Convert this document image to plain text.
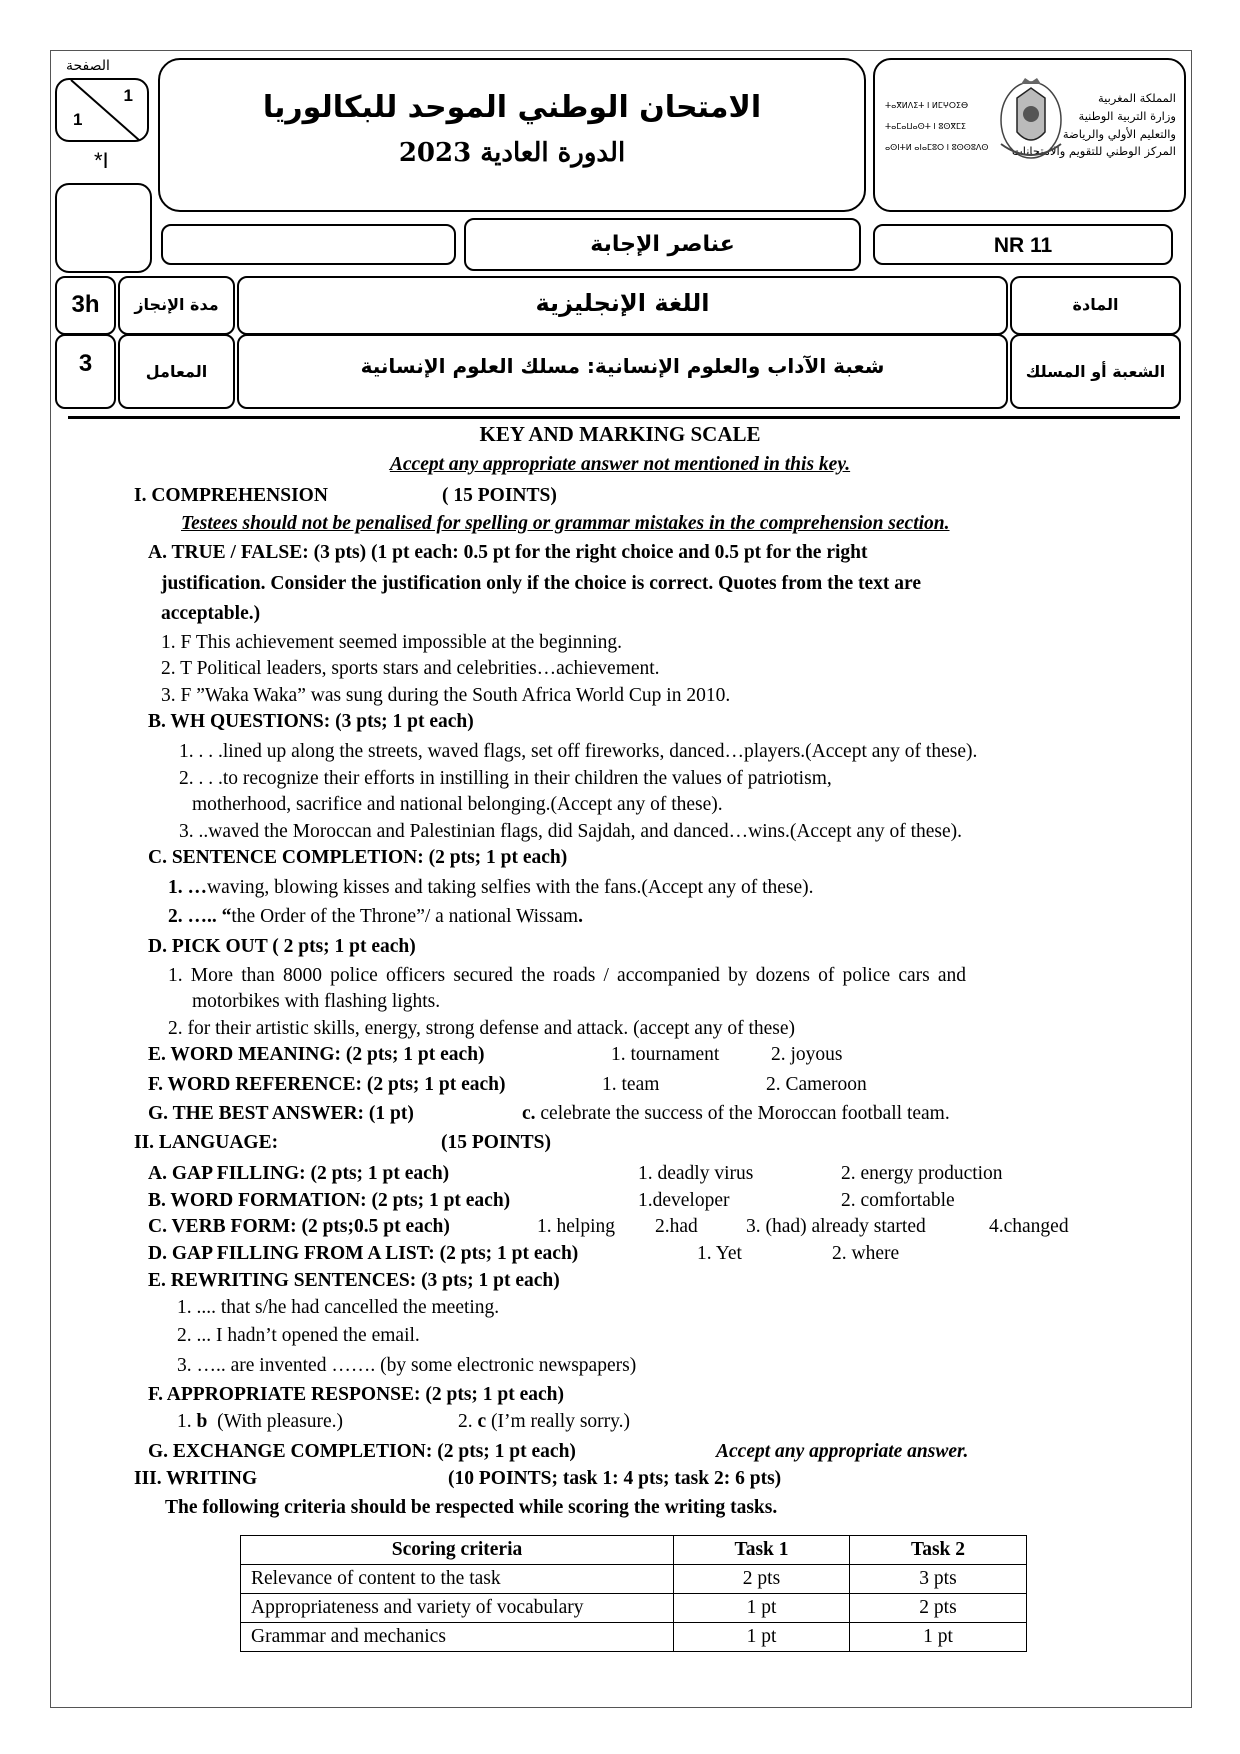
الصفحة
1
1
*I
الامتحان الوطني الموحد للبكالوريا
الدورة العادية 2023
المملكة المغربية
وزارة التربية الوطنية
والتعليم الأولي والرياضة
المركز الوطني للتقويم والامتحانات
ⵜⴰⴳⵍⴷⵉⵜ ⵏ ⵍⵎⵖⵔⵉⴱ
ⵜⴰⵎⴰⵡⴰⵙⵜ ⵏ ⵓⵙⴳⵎⵉ
ⴰⵙⵏⵜⵍ ⴰⵏⴰⵎⵓⵔ ⵏ ⵓⵙⵙⵓⴷⵙ
عناصر الإجابة	NR 11
3h	مدة الإنجاز	اللغة الإنجليزية	المادة
3	المعامل	شعبة الآداب والعلوم الإنسانية: مسلك العلوم الإنسانية	الشعبة أو المسلك
KEY AND MARKING SCALE
Accept any appropriate answer not mentioned in this key.
I. COMPREHENSION	( 15 POINTS)
Testees should not be penalised for spelling or grammar mistakes in the comprehension section.
A. TRUE / FALSE: (3 pts) (1 pt each: 0.5 pt for the right choice and 0.5 pt for the right
justification. Consider the justification only if the choice is correct. Quotes from the text are
acceptable.)
1. F This achievement seemed impossible at the beginning.
2. T Political leaders, sports stars and celebrities…achievement.
3. F ”Waka Waka” was sung during the South Africa World Cup in 2010.
B. WH QUESTIONS: (3 pts; 1 pt each)
1. . . .lined up along the streets, waved flags, set off fireworks, danced…players.(Accept any of these).
2. . . .to recognize their efforts in instilling in their children the values of patriotism,
motherhood, sacrifice and national belonging.(Accept any of these).
3. ..waved the Moroccan and Palestinian flags, did Sajdah, and danced…wins.(Accept any of these).
C. SENTENCE COMPLETION: (2 pts; 1 pt each)
1. …waving, blowing kisses and taking selfies with the fans.(Accept any of these).
2. ….. “the Order of the Throne”/ a national Wissam.
D. PICK OUT ( 2 pts; 1 pt each)
1. More than 8000 police officers secured the roads / accompanied by dozens of police cars and
motorbikes with flashing lights.
2. for their artistic skills, energy, strong defense and attack. (accept any of these)
E. WORD MEANING: (2 pts; 1 pt each)	1. tournament	2. joyous
F. WORD REFERENCE: (2 pts; 1 pt each)	1. team	2. Cameroon
G. THE BEST ANSWER: (1 pt)	c. celebrate the success of the Moroccan football team.
II. LANGUAGE:	(15 POINTS)
A. GAP FILLING: (2 pts; 1 pt each)	1. deadly virus	2. energy production
B. WORD FORMATION: (2 pts; 1 pt each)	1.developer	2. comfortable
C. VERB FORM: (2 pts;0.5 pt each)	1. helping 2.had 3. (had) already started	4.changed
D. GAP FILLING FROM A LIST: (2 pts; 1 pt each)	1. Yet	2. where
E. REWRITING SENTENCES: (3 pts; 1 pt each)
1. .... that s/he had cancelled the meeting.
2. ... I hadn’t opened the email.
3. ….. are invented ……. (by some electronic newspapers)
F. APPROPRIATE RESPONSE: (2 pts; 1 pt each)
1. b (With pleasure.)	2. c (I’m really sorry.)
G. EXCHANGE COMPLETION: (2 pts; 1 pt each)	Accept any appropriate answer.
III. WRITING	(10 POINTS; task 1: 4 pts; task 2: 6 pts)
The following criteria should be respected while scoring the writing tasks.
Scoring criteria	Task 1	Task 2
Relevance of content to the task	2 pts	3 pts
Appropriateness and variety of vocabulary	1 pt	2 pts
Grammar and mechanics	1 pt	1 pt
